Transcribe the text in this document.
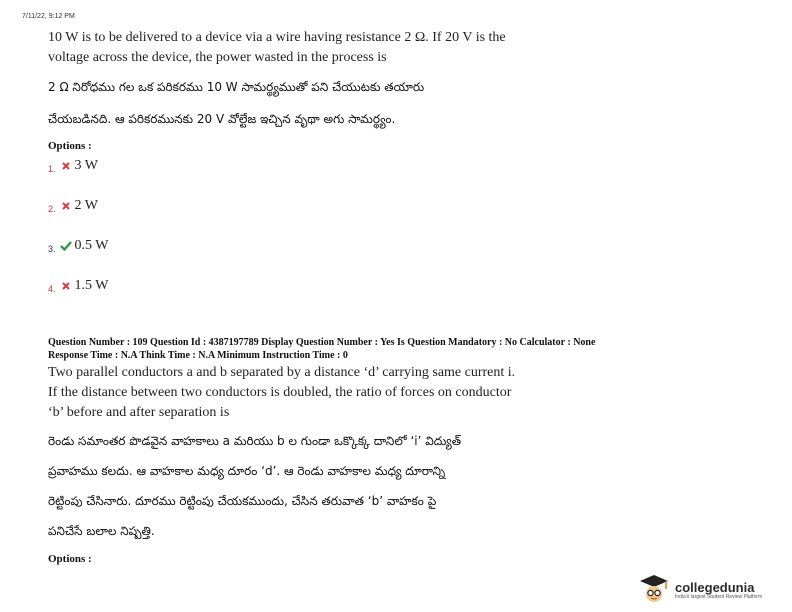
7/11/22, 9:12 PM
10 W is to be delivered to a device via a wire having resistance 2 Ω. If 20 V is the
voltage across the device, the power wasted in the process is
2 Ω నిరోధము గల ఒక పరికరము 10 W సామర్థ్యముతో పని చేయుటకు తయారు
చేయబడినది. ఆ పరికరమునకు 20 V వోల్టేజ ఇచ్చిన వృథా అగు సామర్థ్యం.
Options :
1. 3 W
2. 2 W
3. 0.5 W
4. 1.5 W
Question Number : 109 Question Id : 4387197789 Display Question Number : Yes Is Question Mandatory : No Calculator : None
Response Time : N.A Think Time : N.A Minimum Instruction Time : 0
Two parallel conductors a and b separated by a distance ‘d’ carrying same current i.
If the distance between two conductors is doubled, the ratio of forces on conductor
‘b’ before and after separation is
రెండు సమాంతర పొడవైన వాహకాలు a మరియు b ల గుండా ఒక్కొక్క దానిలో ‘i’ విద్యుత్
ప్రవాహము కలదు. ఆ వాహకాల మధ్య దూరం ‘d’. ఆ రెండు వాహకాల మధ్య దూరాన్ని
రెట్టింపు చేసినారు. దూరము రెట్టింపు చేయకముందు, చేసిన తరువాత ‘b’ వాహకం పై
పనిచేసే బలాల నిష్పత్తి.
Options :
collegedunia
India's largest Student Review Platform
